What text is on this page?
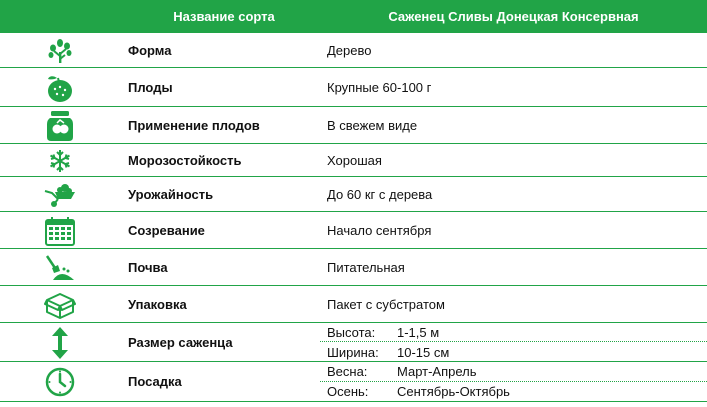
Название сорта	Саженец Сливы Донецкая Консервная
Форма	Дерево
Плоды	Крупные 60-100 г
Применение плодов	В свежем виде
Морозостойкость	Хорошая
Урожайность	До 60 кг с дерева
Созревание	Начало сентября
Почва	Питательная
Упаковка	Пакет с субстратом
Размер саженца
Высота: 1-1,5 м
Ширина: 10-15 см
Посадка
Весна: Март-Апрель
Осень: Сентябрь-Октябрь
